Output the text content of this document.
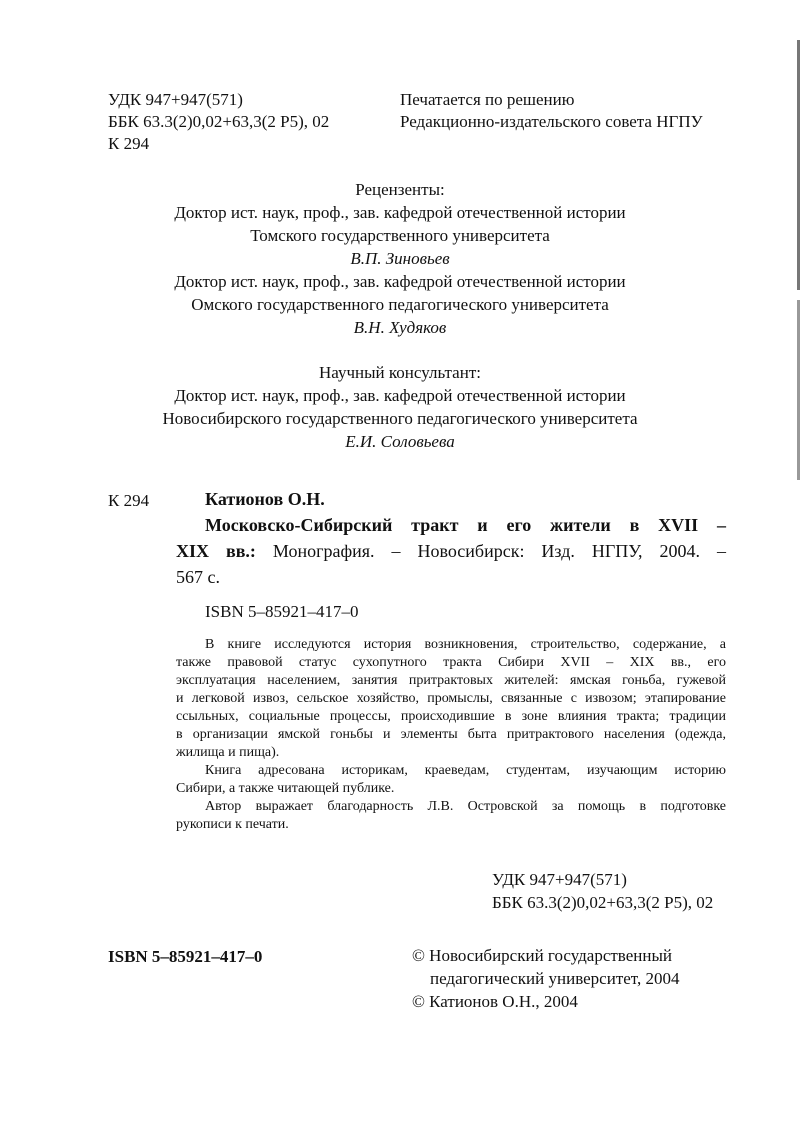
УДК 947+947(571)
ББК 63.3(2)0,02+63,3(2 Р5), 02
К 294
Печатается по решению
Редакционно-издательского совета НГПУ
Рецензенты:
Доктор ист. наук, проф., зав. кафедрой отечественной истории
Томского государственного университета
В.П. Зиновьев
Доктор ист. наук, проф., зав. кафедрой отечественной истории
Омского государственного педагогического университета
В.Н. Худяков
Научный консультант:
Доктор ист. наук, проф., зав. кафедрой отечественной истории
Новосибирского государственного педагогического университета
Е.И. Соловьева
К 294	Катионов О.Н.
Московско-Сибирский тракт и его жители в XVII –
XIX вв.: Монография. – Новосибирск: Изд. НГПУ, 2004. –
567 с.
ISBN 5–85921–417–0
В книге исследуются история возникновения, строительство, содержание, а
также правовой статус сухопутного тракта Сибири XVII – XIX вв., его
эксплуатация населением, занятия притрактовых жителей: ямская гоньба, гужевой
и легковой извоз, сельское хозяйство, промыслы, связанные с извозом; этапирование
ссыльных, социальные процессы, происходившие в зоне влияния тракта; традиции
в организации ямской гоньбы и элементы быта притрактового населения (одежда,
жилища и пища).
Книга адресована историкам, краеведам, студентам, изучающим историю
Сибири, а также читающей публике.
Автор выражает благодарность Л.В. Островской за помощь в подготовке
рукописи к печати.
УДК 947+947(571)
ББК 63.3(2)0,02+63,3(2 Р5), 02
ISBN 5–85921–417–0	© Новосибирский государственный
педагогический университет, 2004
© Катионов О.Н., 2004
